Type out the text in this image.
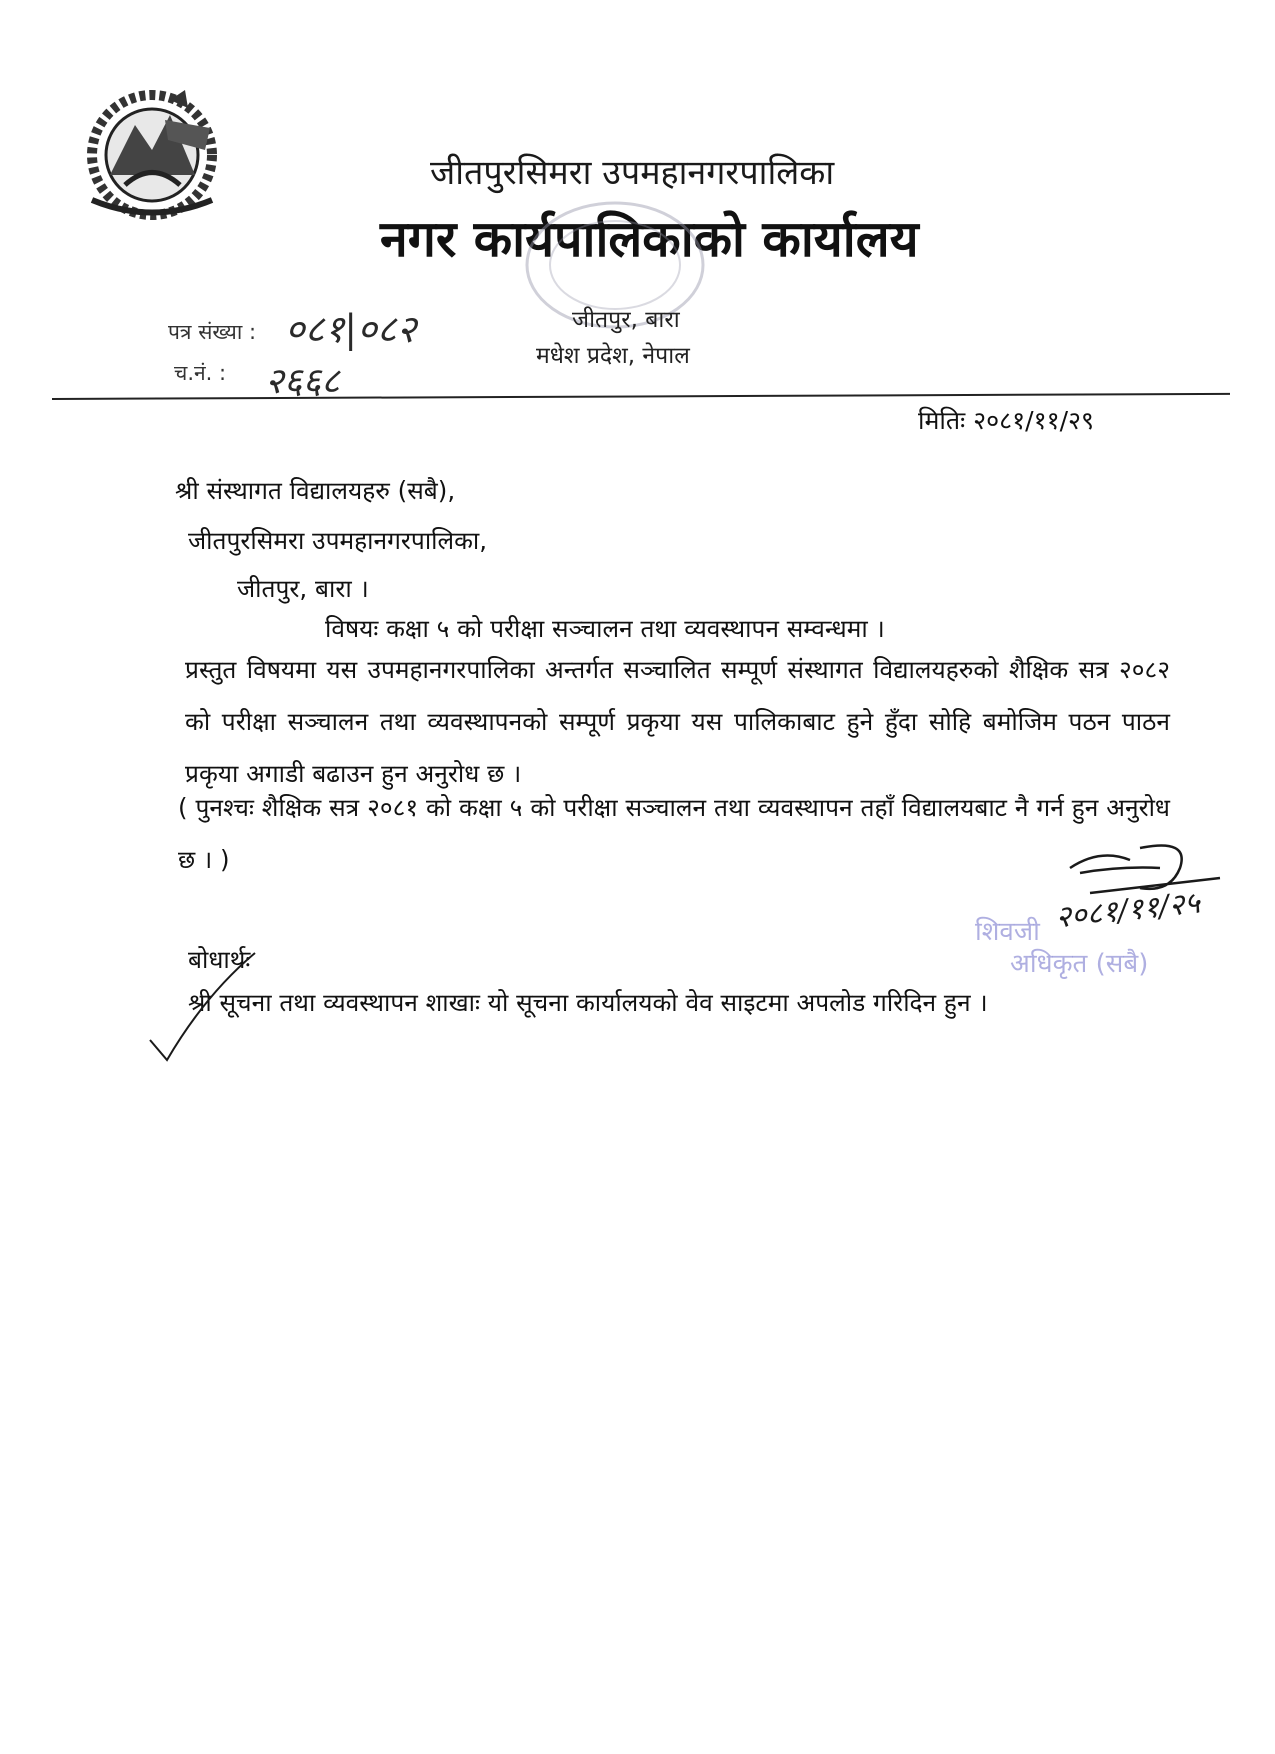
जीतपुरसिमरा उपमहानगरपालिका
नगर कार्यपालिकाको कार्यालय
जीतपुर, बारा
मधेश प्रदेश, नेपाल
पत्र संख्या : ०८१|०८२
च.नं. : २६६८
मितिः २०८१/११/२९
श्री संस्थागत विद्यालयहरु (सबै),
जीतपुरसिमरा उपमहानगरपालिका,
जीतपुर, बारा ।
विषयः कक्षा ५ को परीक्षा सञ्चालन तथा व्यवस्थापन सम्वन्धमा ।
प्रस्तुत विषयमा यस उपमहानगरपालिका अन्तर्गत सञ्चालित सम्पूर्ण संस्थागत विद्यालयहरुको शैक्षिक सत्र २०८२ को परीक्षा सञ्चालन तथा व्यवस्थापनको सम्पूर्ण प्रकृया यस पालिकाबाट हुने हुँदा सोहि बमोजिम पठन पाठन प्रकृया अगाडी बढाउन हुन अनुरोध छ ।
( पुनश्चः शैक्षिक सत्र २०८१ को कक्षा ५ को परीक्षा सञ्चालन तथा व्यवस्थापन तहाँ विद्यालयबाट नै गर्न हुन अनुरोध छ । )
शिवजी
अधिकृत (सबै)
२०८१/११/२५
बोधार्थः
श्री सूचना तथा व्यवस्थापन शाखाः यो सूचना कार्यालयको वेव साइटमा अपलोड गरिदिन हुन ।
